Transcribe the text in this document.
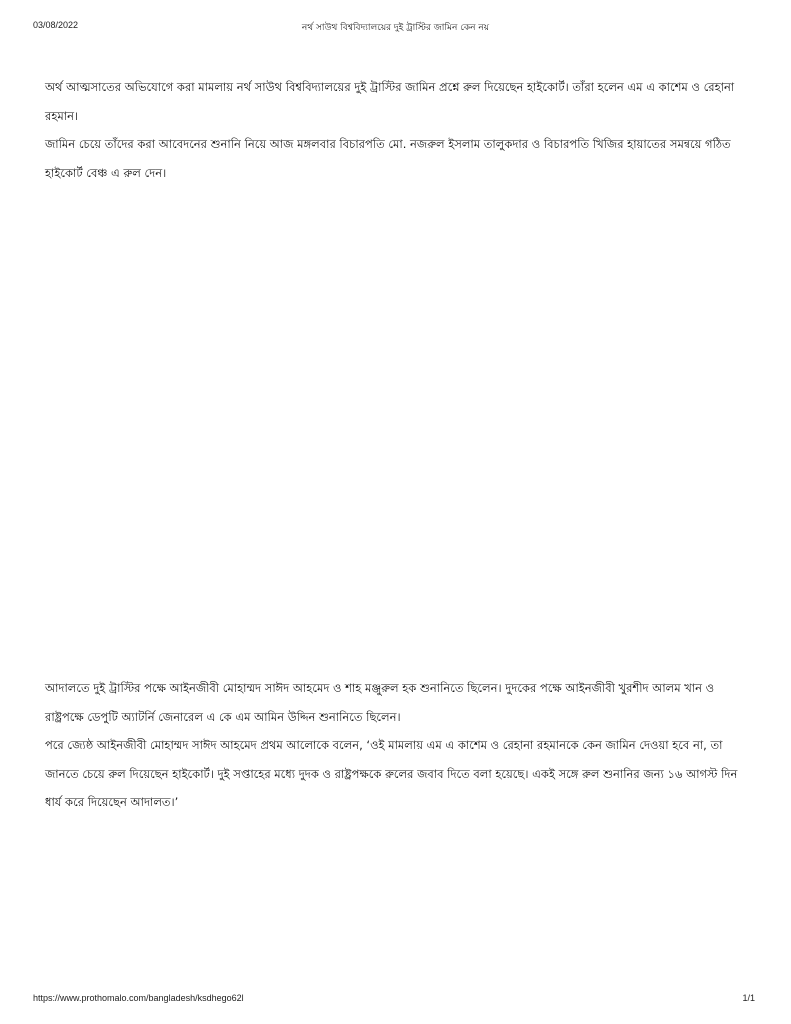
03/08/2022	নর্থ সাউথ বিশ্ববিদ্যালয়ের দুই ট্রাস্টির জামিন কেন নয়

অর্থ আত্মসাতের অভিযোগে করা মামলায় নর্থ সাউথ বিশ্ববিদ্যালয়ের দুই ট্রাস্টির জামিন প্রশ্নে রুল দিয়েছেন হাইকোর্ট। তাঁরা হলেন এম এ কাশেম ও রেহানা রহমান।

জামিন চেয়ে তাঁদের করা আবেদনের শুনানি নিয়ে আজ মঙ্গলবার বিচারপতি মো. নজরুল ইসলাম তালুকদার ও বিচারপতি খিজির হায়াতের সমন্বয়ে গঠিত হাইকোর্ট বেঞ্চ এ রুল দেন।

আদালতে দুই ট্রাস্টির পক্ষে আইনজীবী মোহাম্মদ সাঈদ আহমেদ ও শাহ মঞ্জুরুল হক শুনানিতে ছিলেন। দুদকের পক্ষে আইনজীবী খুরশীদ আলম খান ও রাষ্ট্রপক্ষে ডেপুটি অ্যাটর্নি জেনারেল এ কে এম আমিন উদ্দিন শুনানিতে ছিলেন।

পরে জ্যেষ্ঠ আইনজীবী মোহাম্মদ সাঈদ আহমেদ প্রথম আলোকে বলেন, ‘ওই মামলায় এম এ কাশেম ও রেহানা রহমানকে কেন জামিন দেওয়া হবে না, তা জানতে চেয়ে রুল দিয়েছেন হাইকোর্ট। দুই সপ্তাহের মধ্যে দুদক ও রাষ্ট্রপক্ষকে রুলের জবাব দিতে বলা হয়েছে। একই সঙ্গে রুল শুনানির জন্য ১৬ আগস্ট দিন ধার্য করে দিয়েছেন আদালত।’

https://www.prothomalo.com/bangladesh/ksdhego62l	1/1
